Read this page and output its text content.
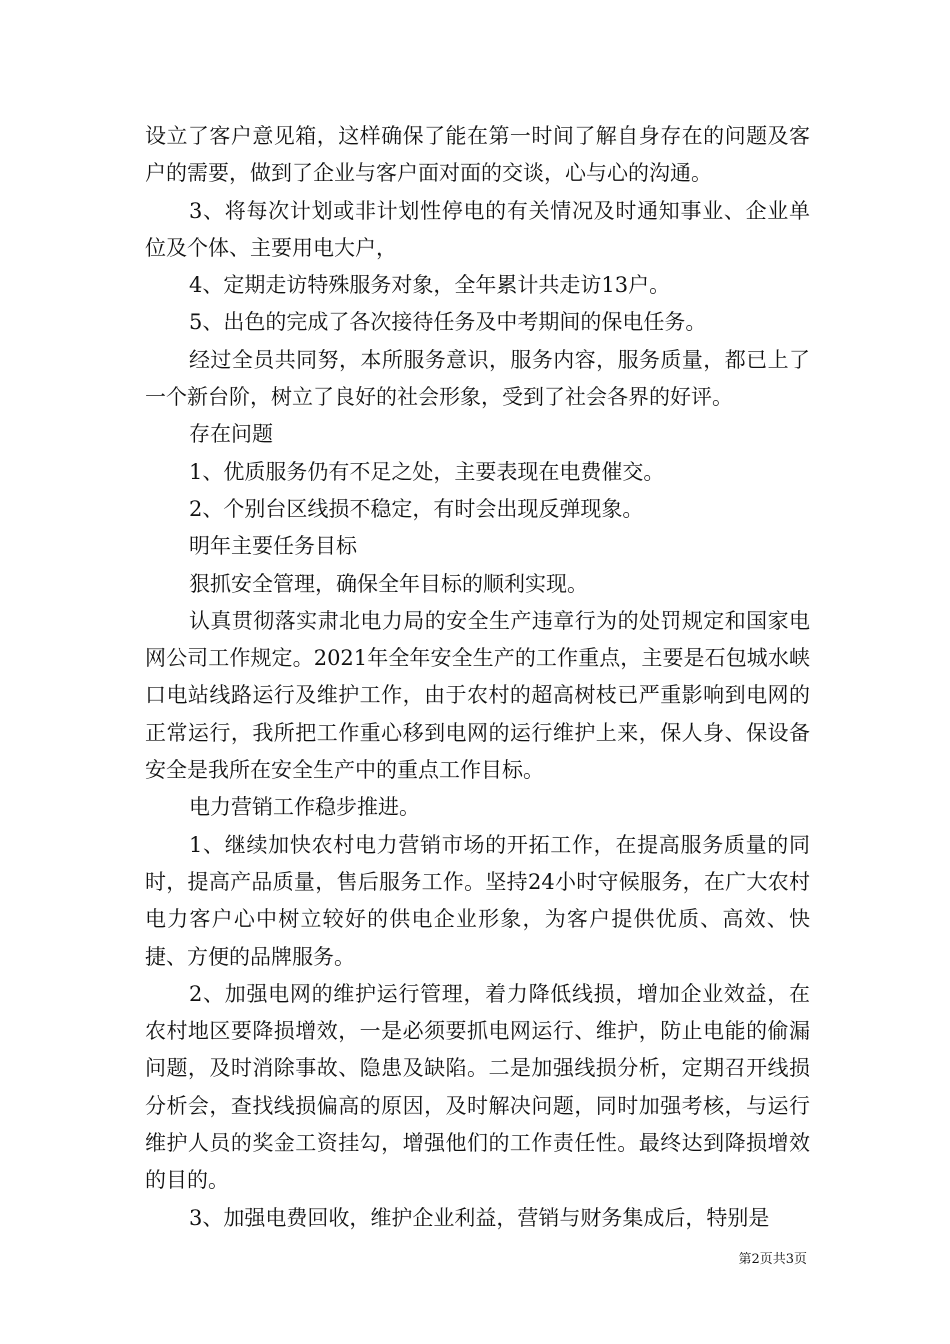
设立了客户意见箱，这样确保了能在第一时间了解自身存在的问题及客户的需要，做到了企业与客户面对面的交谈，心与心的沟通。

3、将每次计划或非计划性停电的有关情况及时通知事业、企业单位及个体、主要用电大户，

4、定期走访特殊服务对象，全年累计共走访13户。

5、出色的完成了各次接待任务及中考期间的保电任务。

经过全员共同努，本所服务意识，服务内容，服务质量，都已上了一个新台阶，树立了良好的社会形象，受到了社会各界的好评。

存在问题

1、优质服务仍有不足之处，主要表现在电费催交。

2、个别台区线损不稳定，有时会出现反弹现象。

明年主要任务目标

狠抓安全管理，确保全年目标的顺利实现。

认真贯彻落实肃北电力局的安全生产违章行为的处罚规定和国家电网公司工作规定。2021年全年安全生产的工作重点，主要是石包城水峡口电站线路运行及维护工作，由于农村的超高树枝已严重影响到电网的正常运行，我所把工作重心移到电网的运行维护上来，保人身、保设备安全是我所在安全生产中的重点工作目标。

电力营销工作稳步推进。

1、继续加快农村电力营销市场的开拓工作，在提高服务质量的同时，提高产品质量，售后服务工作。坚持24小时守候服务，在广大农村电力客户心中树立较好的供电企业形象，为客户提供优质、高效、快捷、方便的品牌服务。

2、加强电网的维护运行管理，着力降低线损，增加企业效益，在农村地区要降损增效，一是必须要抓电网运行、维护，防止电能的偷漏问题，及时消除事故、隐患及缺陷。二是加强线损分析，定期召开线损分析会，查找线损偏高的原因，及时解决问题，同时加强考核，与运行维护人员的奖金工资挂勾，增强他们的工作责任性。最终达到降损增效的目的。

3、加强电费回收，维护企业利益，营销与财务集成后，特别是

第2页共3页
